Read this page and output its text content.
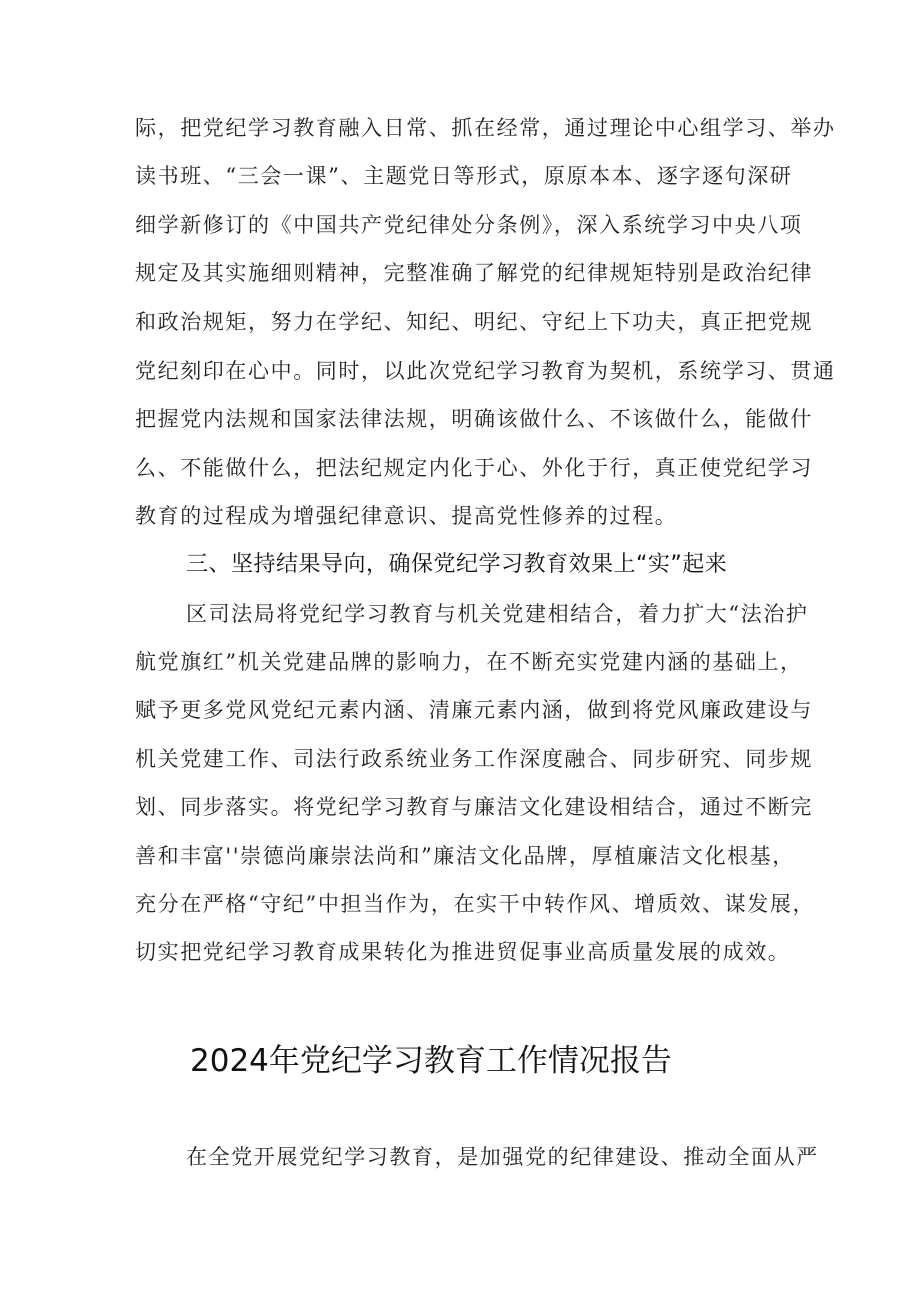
际，把党纪学习教育融入日常、抓在经常，通过理论中心组学习、举办
读书班、“三会一课”、主题党日等形式，原原本本、逐字逐句深研
细学新修订的《中国共产党纪律处分条例》，深入系统学习中央八项
规定及其实施细则精神，完整准确了解党的纪律规矩特别是政治纪律
和政治规矩，努力在学纪、知纪、明纪、守纪上下功夫，真正把党规
党纪刻印在心中。同时，以此次党纪学习教育为契机，系统学习、贯通
把握党内法规和国家法律法规，明确该做什么、不该做什么，能做什
么、不能做什么，把法纪规定内化于心、外化于行，真正使党纪学习
教育的过程成为增强纪律意识、提高党性修养的过程。
三、坚持结果导向，确保党纪学习教育效果上“实”起来
区司法局将党纪学习教育与机关党建相结合，着力扩大“法治护
航党旗红”机关党建品牌的影响力，在不断充实党建内涵的基础上，
赋予更多党风党纪元素内涵、清廉元素内涵，做到将党风廉政建设与
机关党建工作、司法行政系统业务工作深度融合、同步研究、同步规
划、同步落实。将党纪学习教育与廉洁文化建设相结合，通过不断完
善和丰富''崇德尚廉崇法尚和”廉洁文化品牌，厚植廉洁文化根基，
充分在严格“守纪”中担当作为，在实干中转作风、增质效、谋发展，
切实把党纪学习教育成果转化为推进贸促事业高质量发展的成效。
2024年党纪学习教育工作情况报告
在全党开展党纪学习教育，是加强党的纪律建设、推动全面从严
